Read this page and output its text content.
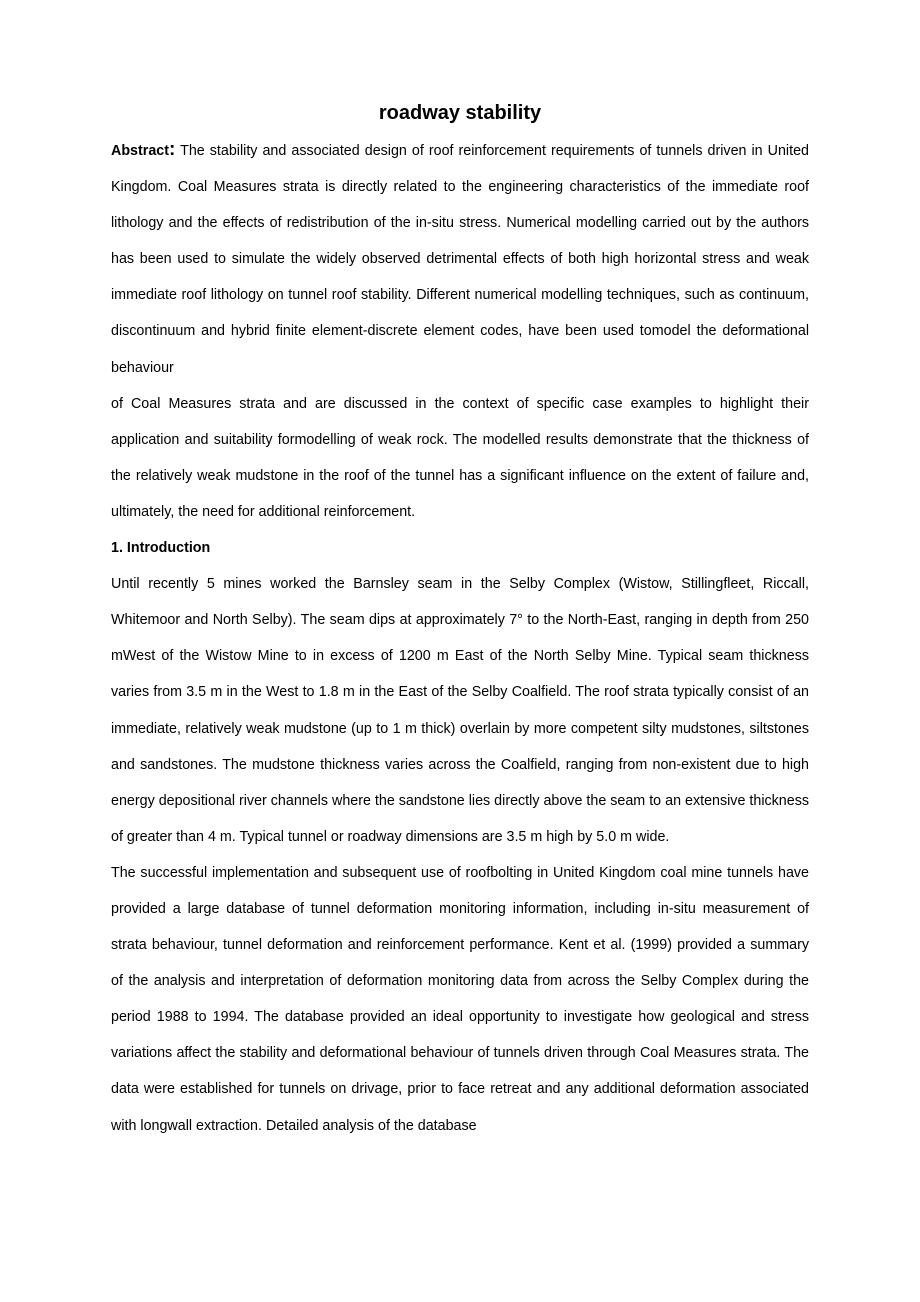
roadway stability

Abstract: The stability and associated design of roof reinforcement requirements of tunnels driven in United Kingdom. Coal Measures strata is directly related to the engineering characteristics of the immediate roof lithology and the effects of redistribution of the in-situ stress. Numerical modelling carried out by the authors has been used to simulate the widely observed detrimental effects of both high horizontal stress and weak immediate roof lithology on tunnel roof stability. Different numerical modelling techniques, such as continuum, discontinuum and hybrid finite element-discrete element codes, have been used tomodel the deformational behaviour

of Coal Measures strata and are discussed in the context of specific case examples to highlight their application and suitability formodelling of weak rock. The modelled results demonstrate that the thickness of the relatively weak mudstone in the roof of the tunnel has a significant influence on the extent of failure and, ultimately, the need for additional reinforcement.

1. Introduction

Until recently 5 mines worked the Barnsley seam in the Selby Complex (Wistow, Stillingfleet, Riccall, Whitemoor and North Selby). The seam dips at approximately 7° to the North-East, ranging in depth from 250 mWest of the Wistow Mine to in excess of 1200 m East of the North Selby Mine. Typical seam thickness varies from 3.5 m in the West to 1.8 m in the East of the Selby Coalfield. The roof strata typically consist of an immediate, relatively weak mudstone (up to 1 m thick) overlain by more competent silty mudstones, siltstones and sandstones. The mudstone thickness varies across the Coalfield, ranging from non-existent due to high energy depositional river channels where the sandstone lies directly above the seam to an extensive thickness of greater than 4 m. Typical tunnel or roadway dimensions are 3.5 m high by 5.0 m wide.

The successful implementation and subsequent use of roofbolting in United Kingdom coal mine tunnels have provided a large database of tunnel deformation monitoring information, including in-situ measurement of strata behaviour, tunnel deformation and reinforcement performance. Kent et al. (1999) provided a summary of the analysis and interpretation of deformation monitoring data from across the Selby Complex during the period 1988 to 1994. The database provided an ideal opportunity to investigate how geological and stress variations affect the stability and deformational behaviour of tunnels driven through Coal Measures strata. The data were established for tunnels on drivage, prior to face retreat and any additional deformation associated with longwall extraction. Detailed analysis of the database
